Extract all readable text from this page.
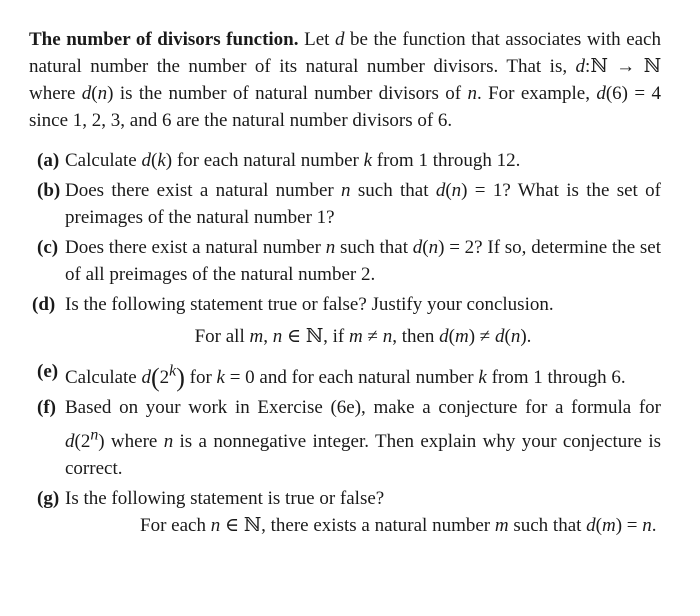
The number of divisors function. Let d be the function that associates with each natural number the number of its natural number divisors. That is, d:ℕ → ℕ where d(n) is the number of natural number divisors of n. For example, d(6) = 4 since 1, 2, 3, and 6 are the natural number divisors of 6.

(a) Calculate d(k) for each natural number k from 1 through 12.
(b) Does there exist a natural number n such that d(n) = 1? What is the set of preimages of the natural number 1?
(c) Does there exist a natural number n such that d(n) = 2? If so, determine the set of all preimages of the natural number 2.
(d) Is the following statement true or false? Justify your conclusion.
For all m, n ∈ ℕ, if m ≠ n, then d(m) ≠ d(n).
(e) Calculate d(2$^k$) for k = 0 and for each natural number k from 1 through 6.
(f) Based on your work in Exercise (6e), make a conjecture for a formula for d(2$^n$) where n is a nonnegative integer. Then explain why your conjecture is correct.
(g) Is the following statement is true or false?
For each n ∈ ℕ, there exists a natural number m such that d(m) = n.
